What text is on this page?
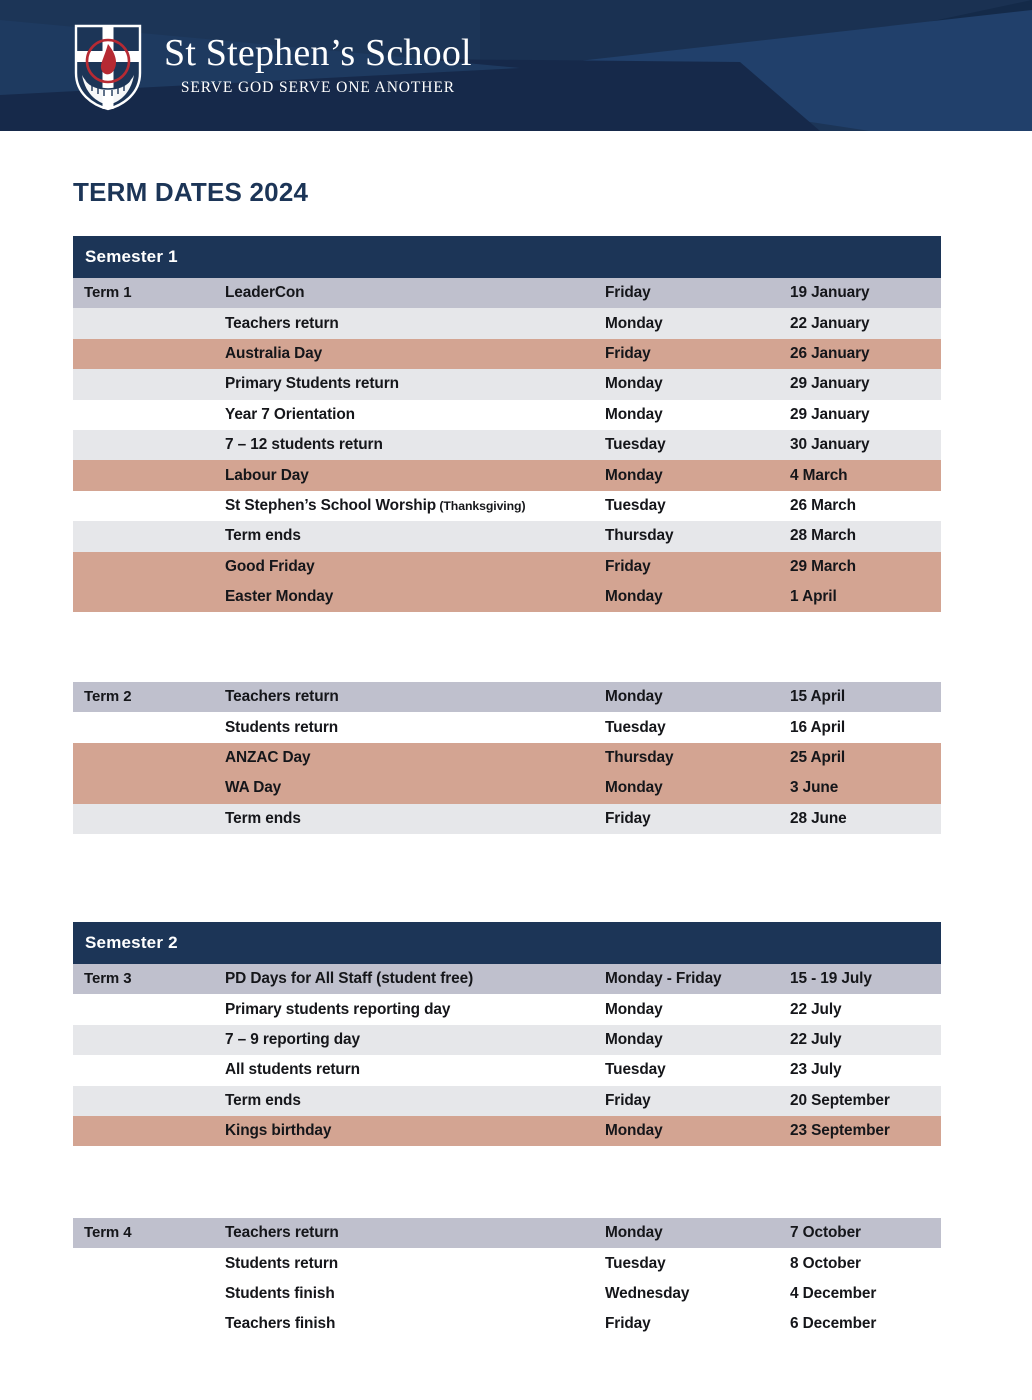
St Stephen’s School
SERVE GOD SERVE ONE ANOTHER
TERM DATES 2024
Semester 1
Term 1	LeaderCon	Friday	19 January
Teachers return	Monday	22 January
Australia Day	Friday	26 January
Primary Students return	Monday	29 January
Year 7 Orientation	Monday	29 January
7 – 12 students return	Tuesday	30 January
Labour Day	Monday	4 March
St Stephen’s School Worship (Thanksgiving)	Tuesday	26 March
Term ends	Thursday	28 March
Good Friday	Friday	29 March
Easter Monday	Monday	1 April
Term 2	Teachers return	Monday	15 April
Students return	Tuesday	16 April
ANZAC Day	Thursday	25 April
WA Day	Monday	3 June
Term ends	Friday	28 June
Semester 2
Term 3	PD Days for All Staff (student free)	Monday - Friday	15 - 19 July
Primary students reporting day	Monday	22 July
7 – 9 reporting day	Monday	22 July
All students return	Tuesday	23 July
Term ends	Friday	20 September
Kings birthday	Monday	23 September
Term 4	Teachers return	Monday	7 October
Students return	Tuesday	8 October
Students finish	Wednesday	4 December
Teachers finish	Friday	6 December
